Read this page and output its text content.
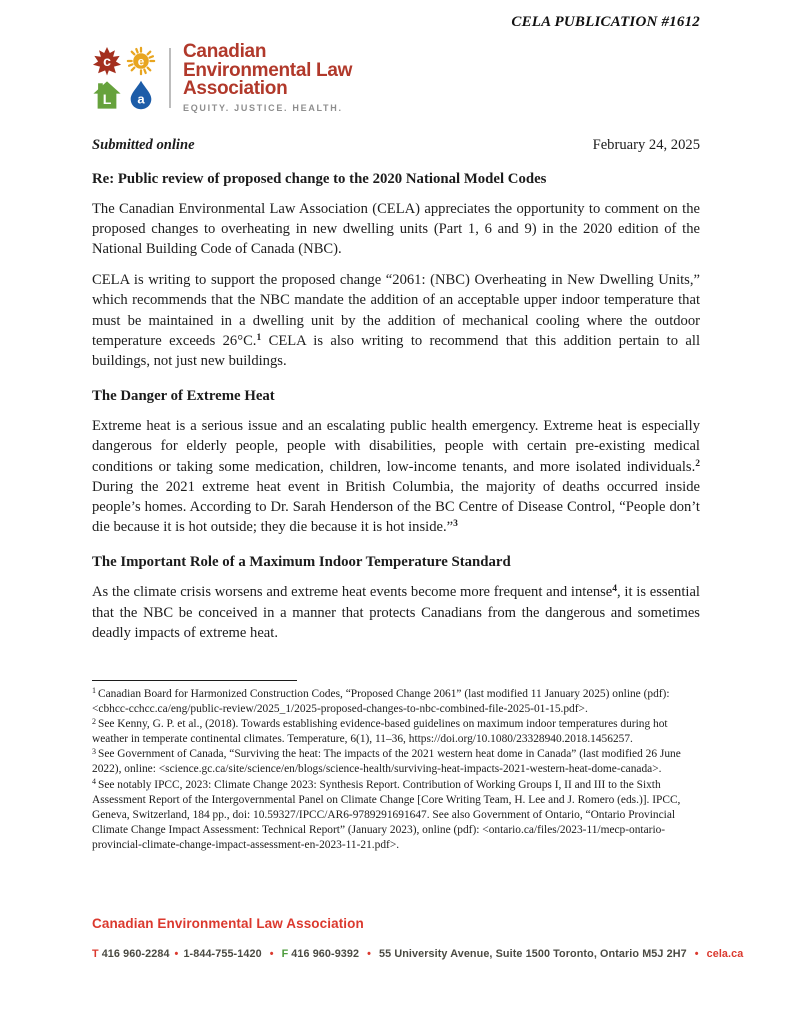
CELA PUBLICATION #1612
c e
L a
Canadian
Environmental Law
Association
EQUITY. JUSTICE. HEALTH.
Submitted online	February 24, 2025

Re: Public review of proposed change to the 2020 National Model Codes

The Canadian Environmental Law Association (CELA) appreciates the opportunity to comment on the proposed changes to overheating in new dwelling units (Part 1, 6 and 9) in the 2020 edition of the National Building Code of Canada (NBC).

CELA is writing to support the proposed change “2061: (NBC) Overheating in New Dwelling Units,” which recommends that the NBC mandate the addition of an acceptable upper indoor temperature that must be maintained in a dwelling unit by the addition of mechanical cooling where the outdoor temperature exceeds 26°C.$^1$ CELA is also writing to recommend that this addition pertain to all buildings, not just new buildings.

The Danger of Extreme Heat

Extreme heat is a serious issue and an escalating public health emergency. Extreme heat is especially dangerous for elderly people, people with disabilities, people with certain pre-existing medical conditions or taking some medication, children, low-income tenants, and more isolated individuals.$^2$ During the 2021 extreme heat event in British Columbia, the majority of deaths occurred inside people’s homes. According to Dr. Sarah Henderson of the BC Centre of Disease Control, “People don’t die because it is hot outside; they die because it is hot inside.”$^3$

The Important Role of a Maximum Indoor Temperature Standard

As the climate crisis worsens and extreme heat events become more frequent and intense$^4$, it is essential that the NBC be conceived in a manner that protects Canadians from the dangerous and sometimes deadly impacts of extreme heat.

$^1$ Canadian Board for Harmonized Construction Codes, “Proposed Change 2061” (last modified 11 January 2025) online (pdf): <cbhcc-cchcc.ca/eng/public-review/2025_1/2025-proposed-changes-to-nbc-combined-file-2025-01-15.pdf>.

$^2$ See Kenny, G. P. et al., (2018). Towards establishing evidence-based guidelines on maximum indoor temperatures during hot weather in temperate continental climates. Temperature, 6(1), 11–36, https://doi.org/10.1080/23328940.2018.1456257.

$^3$ See Government of Canada, “Surviving the heat: The impacts of the 2021 western heat dome in Canada” (last modified 26 June 2022), online: <science.gc.ca/site/science/en/blogs/science-health/surviving-heat-impacts-2021-western-heat-dome-canada>.

$^4$ See notably IPCC, 2023: Climate Change 2023: Synthesis Report. Contribution of Working Groups I, II and III to the Sixth Assessment Report of the Intergovernmental Panel on Climate Change [Core Writing Team, H. Lee and J. Romero (eds.)]. IPCC, Geneva, Switzerland, 184 pp., doi: 10.59327/IPCC/AR6-9789291691647. See also Government of Ontario, “Ontario Provincial Climate Change Impact Assessment: Technical Report” (January 2023), online (pdf): <ontario.ca/files/2023-11/mecp-ontario-provincial-climate-change-impact-assessment-en-2023-11-21.pdf>.

Canadian Environmental Law Association
T 416 960-2284 • 1-844-755-1420 • F 416 960-9392 • 55 University Avenue, Suite 1500 Toronto, Ontario M5J 2H7 • cela.ca
